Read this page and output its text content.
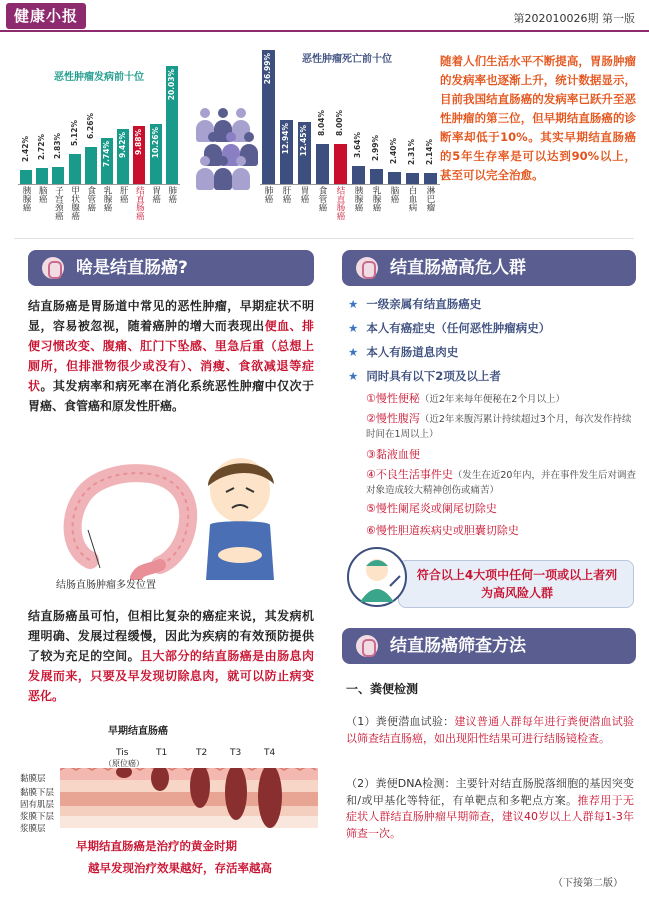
健康小报	第202010026期 第一版
恶性肿瘤发病前十位
恶性肿瘤死亡前十位
2.42%
胰腺癌
2.72%
脑癌
2.83%
子宫颈癌
5.12%
甲状腺癌
6.26%
食管癌
7.74%
乳腺癌
9.42%
肝癌
9.88%
结直肠癌
10.26%
胃癌
20.03%
肺癌
26.99%
肺癌
12.94%
肝癌
12.45%
胃癌
8.04%
食管癌
8.00%
结直肠癌
3.64%
胰腺癌
2.99%
乳腺癌
2.40%
脑癌
2.31%
白血病
2.14%
淋巴瘤
随着人们生活水平不断提高，胃肠肿瘤的发病率也逐渐上升，统计数据显示，目前我国结直肠癌的发病率已跃升至恶性肿瘤的第三位，但早期结直肠癌的诊断率却低于10%。其实早期结直肠癌的5年生存率是可以达到90%以上，甚至可以完全治愈。
啥是结直肠癌?
结直肠癌是胃肠道中常见的恶性肿瘤，早期症状不明显，容易被忽视，随着癌肿的增大而表现出便血、排便习惯改变、腹痛、肛门下坠感、里急后重（总想上厕所，但排泄物很少或没有）、消瘦、食欲减退等症状。其发病率和病死率在消化系统恶性肿瘤中仅次于胃癌、食管癌和原发性肝癌。
结肠直肠肿瘤多发位置
结直肠癌虽可怕，但相比复杂的癌症来说，其发病机理明确、发展过程缓慢，因此为疾病的有效预防提供了较为充足的空间。且大部分的结直肠癌是由肠息肉发展而来，只要及早发现切除息肉，就可以防止病变恶化。
早期结直肠癌
Tis
（原位癌）
T1	T2	T3	T4
黏膜层
黏膜下层
固有肌层
浆膜下层
浆膜层
早期结直肠癌是治疗的黄金时期
越早发现治疗效果越好，存活率越高
结直肠癌高危人群
★ 一级亲属有结直肠癌史
★ 本人有癌症史（任何恶性肿瘤病史）
★ 本人有肠道息肉史
★ 同时具有以下2项及以上者
①慢性便秘（近2年来每年便秘在2个月以上）
②慢性腹泻（近2年来腹泻累计持续超过3个月，每次发作持续时间在1周以上）
③黏液血便
④不良生活事件史（发生在近20年内，并在事件发生后对调查对象造成较大精神创伤或痛苦）
⑤慢性阑尾炎或阑尾切除史
⑥慢性胆道疾病史或胆囊切除史
符合以上4大项中任何一项或以上者列为高风险人群
结直肠癌筛查方法
一、粪便检测
（1）粪便潜血试验：建议普通人群每年进行粪便潜血试验以筛查结直肠癌，如出现阳性结果可进行结肠镜检查。
（2）粪便DNA检测：主要针对结直肠脱落细胞的基因突变和/或甲基化等特征，有单靶点和多靶点方案。推荐用于无症状人群结直肠肿瘤早期筛查，建议40岁以上人群每1-3年筛查一次。
（下接第二版）
